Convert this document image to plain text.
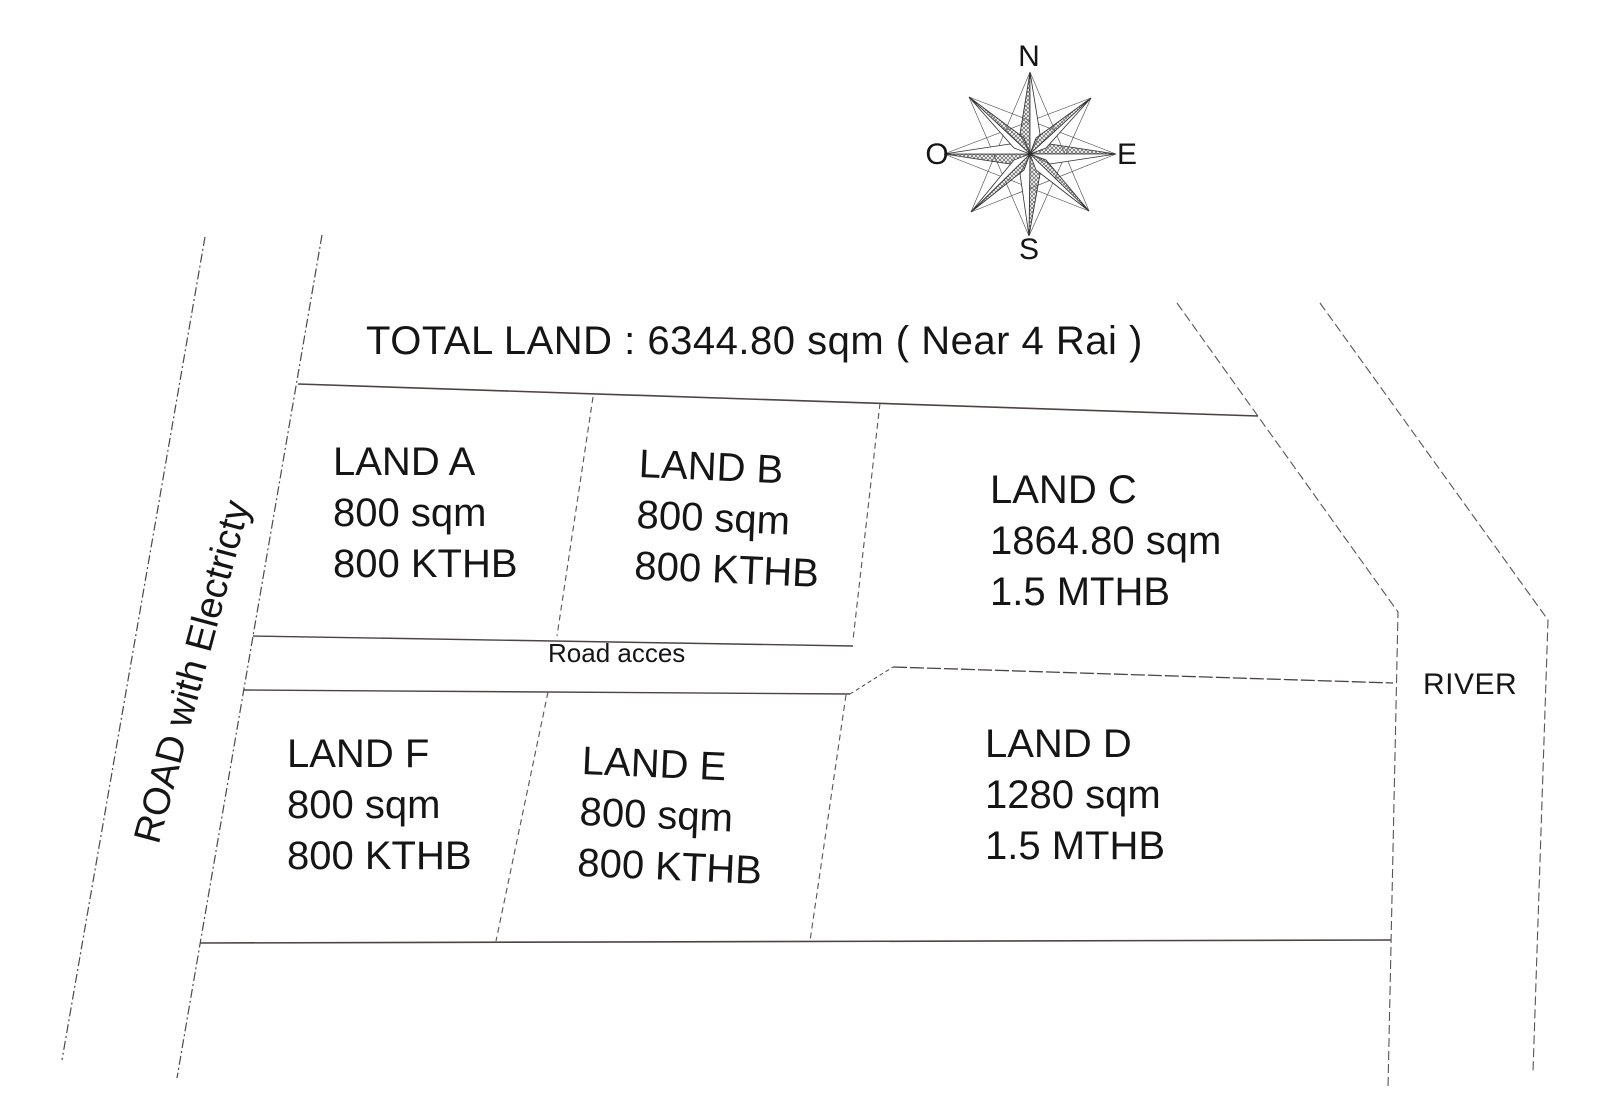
N
E
S
O
TOTAL LAND : 6344.80 sqm ( Near 4 Rai )
ROAD with Electricty	Road acces
RIVER
LAND A
800 sqm
800 KTHB
LAND B
800 sqm
800 KTHB
LAND C
1864.80 sqm
1.5 MTHB
LAND D
1280 sqm
1.5 MTHB
LAND E
800 sqm
800 KTHB
LAND F
800 sqm
800 KTHB
